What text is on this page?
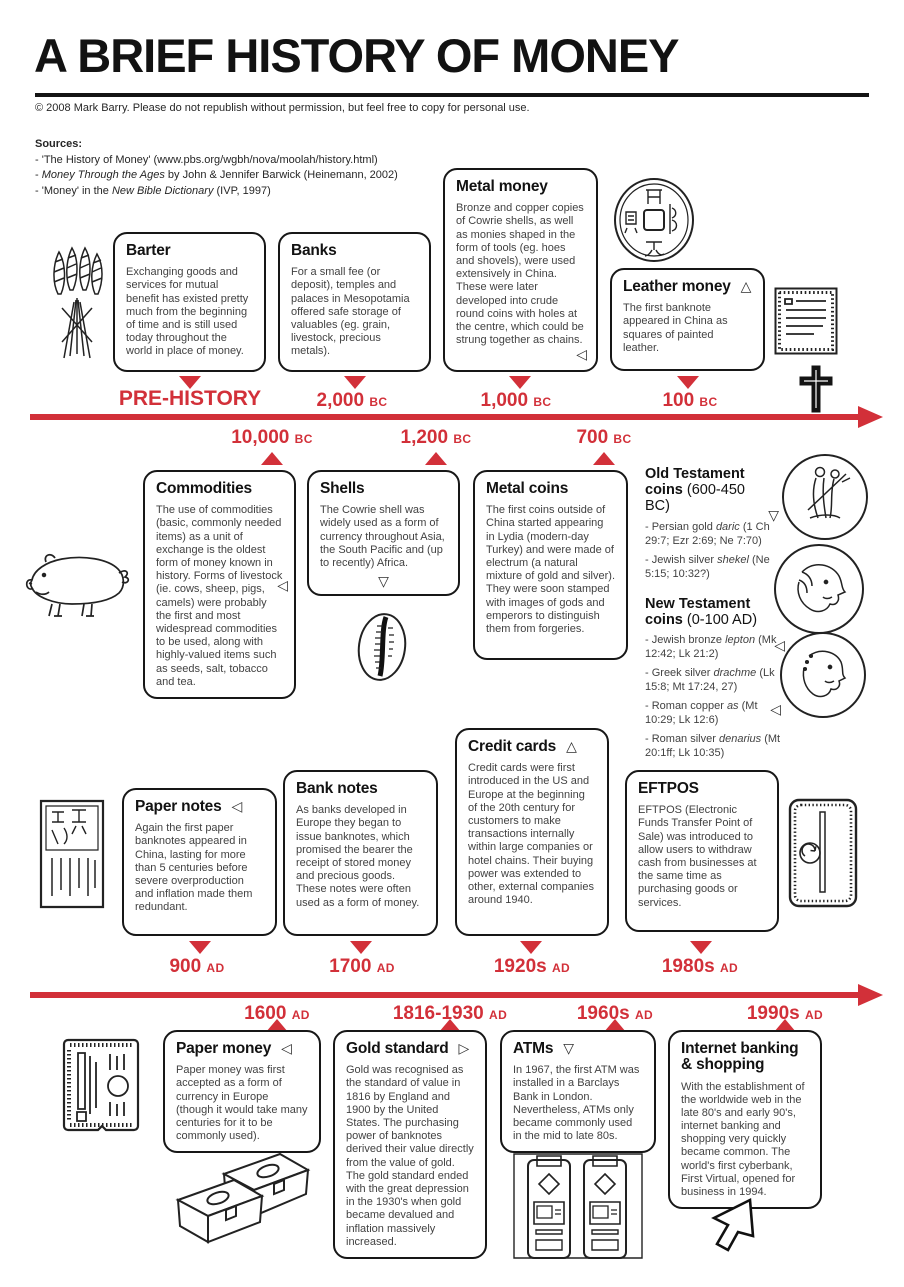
A BRIEF HISTORY OF MONEY

© 2008 Mark Barry. Please do not republish without permission, but feel free to copy for personal use.

Sources:

- 'The History of Money' (www.pbs.org/wgbh/nova/moolah/history.html)

- Money Through the Ages by John & Jennifer Barwick (Heinemann, 2002)

- 'Money' in the New Bible Dictionary (IVP, 1997)

Barter

Exchanging goods and services for mutual benefit has existed pretty much from the beginning of time and is still used today throughout the world in place of money.

Banks

For a small fee (or deposit), temples and palaces in Mesopotamia offered safe storage of valuables (eg. grain, livestock, precious metals).

Metal money

Bronze and copper copies of Cowrie shells, as well as monies shaped in the form of tools (eg. hoes and shovels), were used extensively in China. These were later developed into crude round coins with holes at the centre, which could be strung together as chains.

◁
Leather money △

The first banknote appeared in China as squares of painted leather.

PRE-HISTORY	2,000 BC	1,000 BC	100 BC
10,000 BC	1,200 BC	700 BC
Commodities

The use of commodities (basic, commonly needed items) as a unit of exchange is the oldest form of money known in history. Forms of livestock (ie. cows, sheep, pigs, camels) were probably the first and most widespread commodities to be used, along with highly-valued items such as seeds, salt, tobacco and tea.

◁
Shells

The Cowrie shell was widely used as a form of currency throughout Asia, the South Pacific and (up to recently) Africa.

▽
Metal coins

The first coins outside of China started appearing in Lydia (modern-day Turkey) and were made of electrum (a natural mixture of gold and silver). They were soon stamped with images of gods and emperors to distinguish them from forgeries.

Old Testament coins (600-450 BC)

- Persian gold daric (1 Ch 29:7; Ezr 2:69; Ne 7:70)

- Jewish silver shekel (Ne 5:15; 10:32?)

New Testament coins (0-100 AD)

- Jewish bronze lepton (Mk 12:42; Lk 21:2)

- Greek silver drachme (Lk 15:8; Mt 17:24, 27)

- Roman copper as (Mt 10:29; Lk 12:6)

- Roman silver denarius (Mt 20:1ff; Lk 10:35)

▽
◁
◁
Paper notes ◁

Again the first paper banknotes appeared in China, lasting for more than 5 centuries before severe overproduction and inflation made them redundant.

Bank notes

As banks developed in Europe they began to issue banknotes, which promised the bearer the receipt of stored money and precious goods. These notes were often used as a form of money.

Credit cards △

Credit cards were first introduced in the US and Europe at the beginning of the 20th century for customers to make transactions internally within large companies or hotel chains. Their buying power was extended to other, external companies around 1940.

EFTPOS

EFTPOS (Electronic Funds Transfer Point of Sale) was introduced to allow users to withdraw cash from businesses at the same time as purchasing goods or services.

900 AD	1700 AD	1920s AD	1980s AD
1600 AD	1816-1930 AD	1960s AD	1990s AD
Paper money ◁

Paper money was first accepted as a form of currency in Europe (though it would take many centuries for it to be commonly used).

Gold standard ▷

Gold was recognised as the standard of value in 1816 by England and 1900 by the United States. The purchasing power of banknotes derived their value directly from the value of gold. The gold standard ended with the great depression in the 1930's when gold became devalued and inflation massively increased.

ATMs ▽

In 1967, the first ATM was installed in a Barclays Bank in London. Nevertheless, ATMs only became commonly used in the mid to late 80s.

Internet banking & shopping

With the establishment of the worldwide web in the late 80's and early 90's, internet banking and shopping very quickly became common. The world's first cyberbank, First Virtual, opened for business in 1994.
